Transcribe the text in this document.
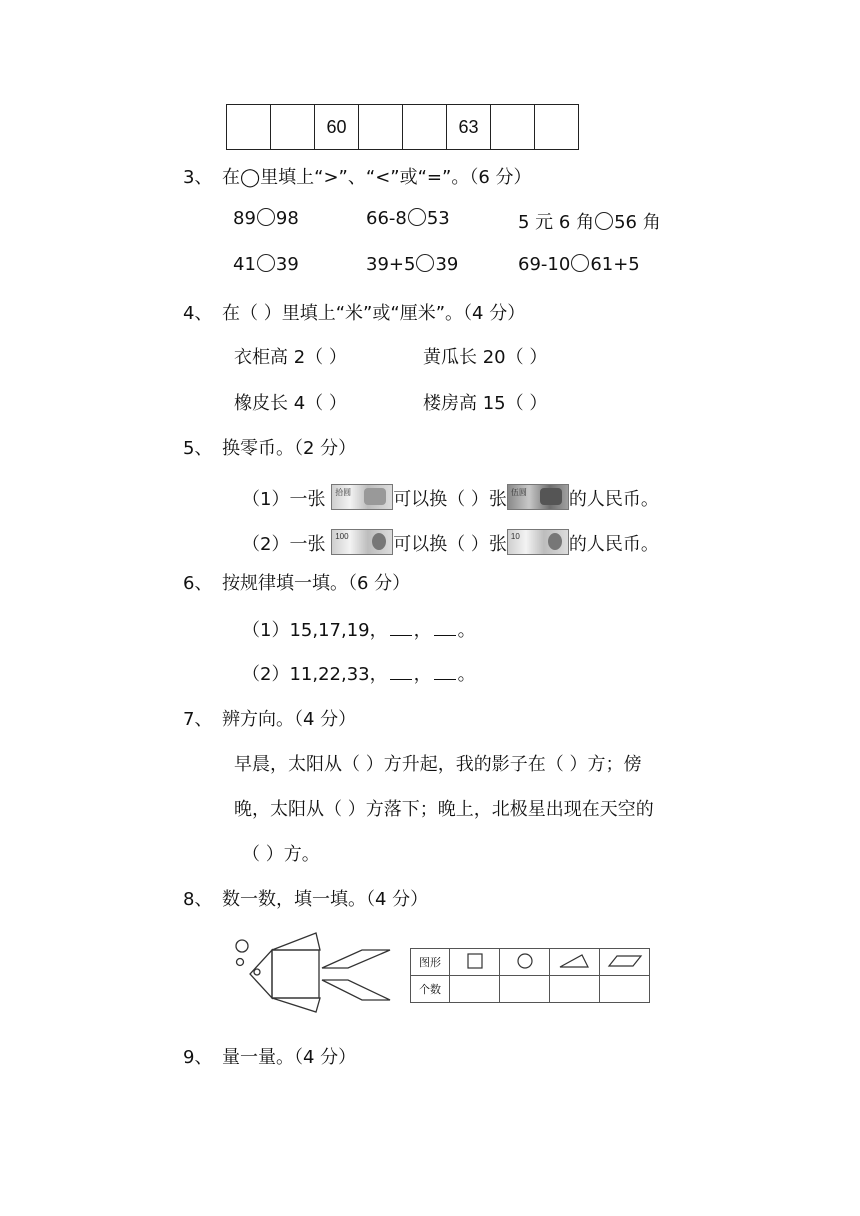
		60			63		
3、 在◯里填上“>”、“<”或“=”。（6 分）
89 98	66-8 53	5 元 6 角 56 角
41 39	39+5 39	69-10 61+5
4、 在（ ）里填上“米”或“厘米”。（4 分）
衣柜高 2（ ）	黄瓜长 20（ ）
橡皮长 4（ ）	楼房高 15（ ）
5、 换零币。（2 分）
（1）一张 拾圆 可以换（ ）张 伍圆 的人民币。
（2）一张 100 可以换（ ）张 10	的人民币。
6、 按规律填一填。（6 分）
（1）15,17,19， ， 。
（2）11,22,33， ， 。
7、 辨方向。（4 分）
早晨，太阳从（ ）方升起，我的影子在（ ）方；傍
晚，太阳从（ ）方落下；晚上，北极星出现在天空的
（ ）方。
8、 数一数，填一填。（4 分）
图形				
个数				
9、 量一量。（4 分）
